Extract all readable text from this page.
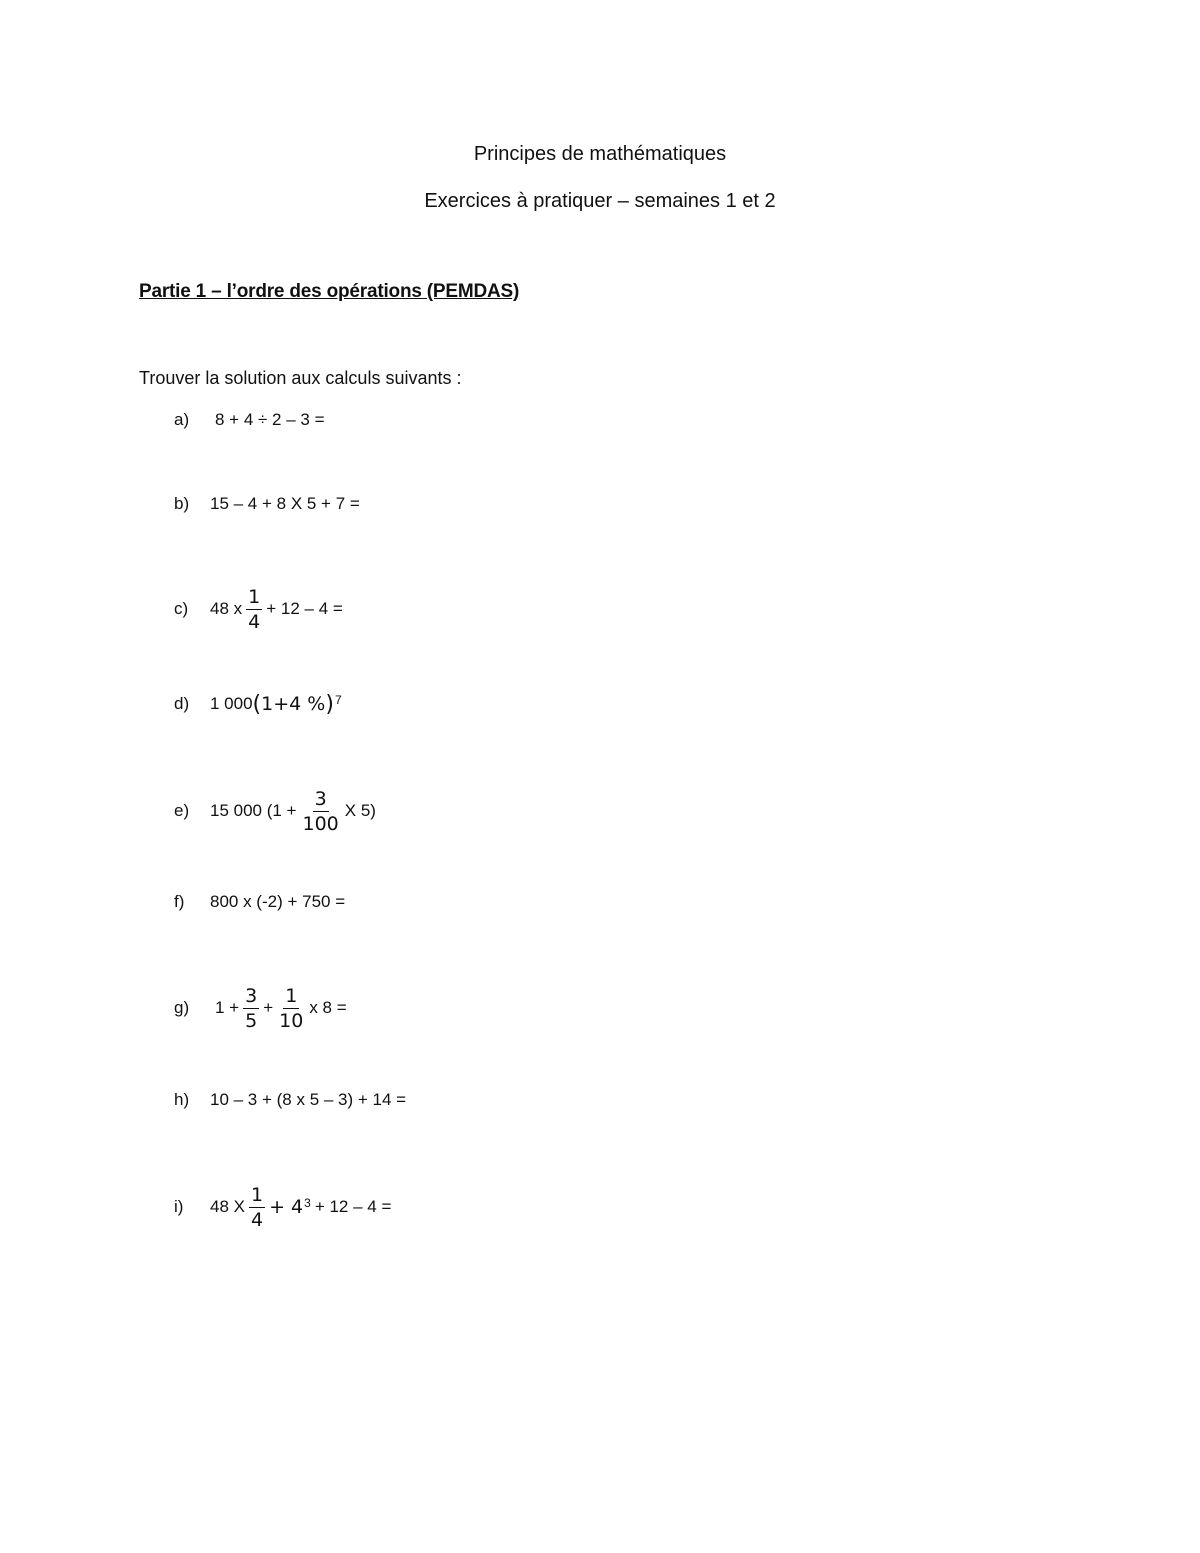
Principes de mathématiques
Exercices à pratiquer – semaines 1 et 2
Partie 1 – l’ordre des opérations (PEMDAS)
Trouver la solution aux calculs suivants :
a)	8 + 4 ÷ 2 – 3 =
b)	15 – 4 + 8 X 5 + 7 =
c)	48 x $\frac{1}{4} + 12 - 4$ =
d)	1 000 ( 1+4 % )$^7$
e)	15 000 ($1 + \frac{3}{100}$ X 5)
f)	800 x (-2) + 750 =
g)	$1 + \frac{3}{5} + \frac{1}{10}$ x 8 =
h)	10 – 3 + (8 x 5 – 3) + 14 =
i)	48 X $\frac{1}{4} + 4^3 + 12 - 4$ =
